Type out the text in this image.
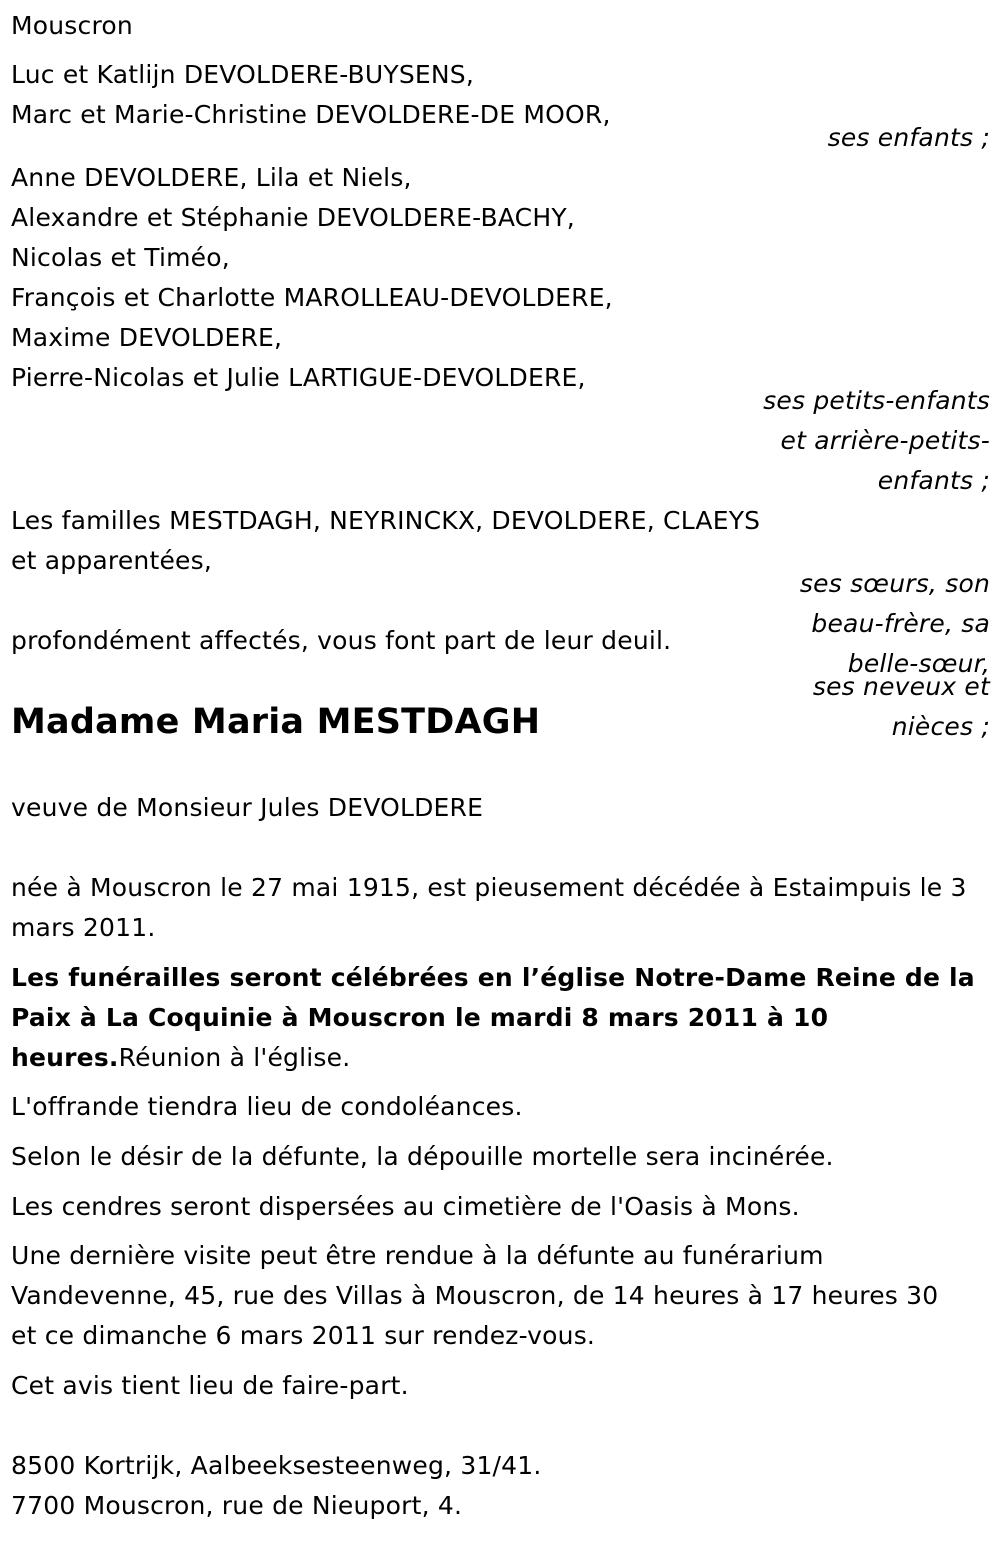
Mouscron
Luc et Katlijn DEVOLDERE-BUYSENS,
Marc et Marie-Christine DEVOLDERE-DE MOOR,
ses enfants ;
Anne DEVOLDERE, Lila et Niels,
Alexandre et Stéphanie DEVOLDERE-BACHY,
Nicolas et Timéo,
François et Charlotte MAROLLEAU-DEVOLDERE,
Maxime DEVOLDERE,
Pierre-Nicolas et Julie LARTIGUE-DEVOLDERE,
ses petits-enfants
et arrière-petits-
enfants ;
Les familles MESTDAGH, NEYRINCKX, DEVOLDERE, CLAEYS
et apparentées,
ses sœurs, son
beau-frère, sa
belle-sœur,
ses neveux et
nièces ;
profondément affectés, vous font part de leur deuil.
Madame Maria MESTDAGH
veuve de Monsieur Jules DEVOLDERE
née à Mouscron le 27 mai 1915, est pieusement décédée à Estaimpuis le 3
mars 2011.
Les funérailles seront célébrées en l’église Notre-Dame Reine de la
Paix à La Coquinie à Mouscron le mardi 8 mars 2011 à 10
heures.Réunion à l'église.
L'offrande tiendra lieu de condoléances.
Selon le désir de la défunte, la dépouille mortelle sera incinérée.
Les cendres seront dispersées au cimetière de l'Oasis à Mons.
Une dernière visite peut être rendue à la défunte au funérarium
Vandevenne, 45, rue des Villas à Mouscron, de 14 heures à 17 heures 30
et ce dimanche 6 mars 2011 sur rendez-vous.
Cet avis tient lieu de faire-part.
8500 Kortrijk, Aalbeeksesteenweg, 31/41.
7700 Mouscron, rue de Nieuport, 4.
